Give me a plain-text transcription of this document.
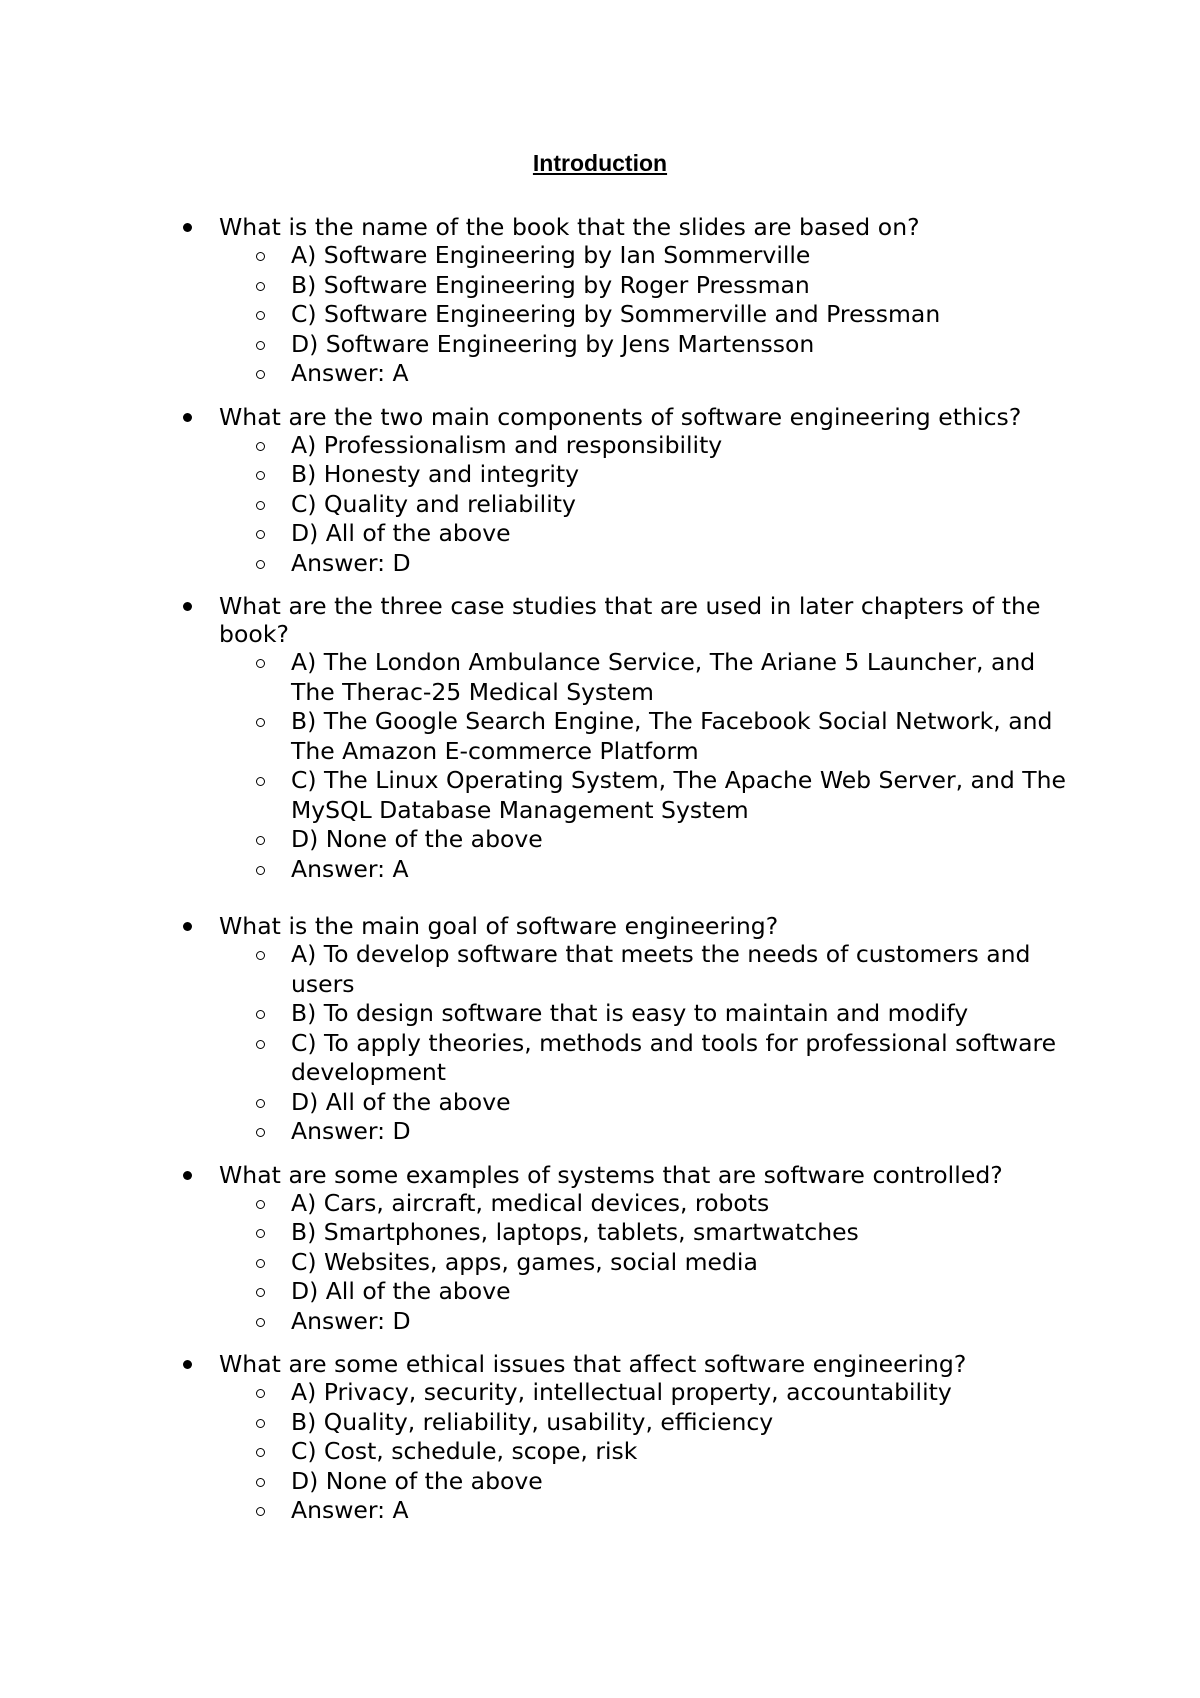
Introduction
What is the name of the book that the slides are based on?
A) Software Engineering by Ian Sommerville
B) Software Engineering by Roger Pressman
C) Software Engineering by Sommerville and Pressman
D) Software Engineering by Jens Martensson
Answer: A
What are the two main components of software engineering ethics?
A) Professionalism and responsibility
B) Honesty and integrity
C) Quality and reliability
D) All of the above
Answer: D
What are the three case studies that are used in later chapters of the book?
A) The London Ambulance Service, The Ariane 5 Launcher, and The Therac-25 Medical System
B) The Google Search Engine, The Facebook Social Network, and The Amazon E-commerce Platform
C) The Linux Operating System, The Apache Web Server, and The MySQL Database Management System
D) None of the above
Answer: A
What is the main goal of software engineering?
A) To develop software that meets the needs of customers and users
B) To design software that is easy to maintain and modify
C) To apply theories, methods and tools for professional software development
D) All of the above
Answer: D
What are some examples of systems that are software controlled?
A) Cars, aircraft, medical devices, robots
B) Smartphones, laptops, tablets, smartwatches
C) Websites, apps, games, social media
D) All of the above
Answer: D
What are some ethical issues that affect software engineering?
A) Privacy, security, intellectual property, accountability
B) Quality, reliability, usability, efficiency
C) Cost, schedule, scope, risk
D) None of the above
Answer: A
